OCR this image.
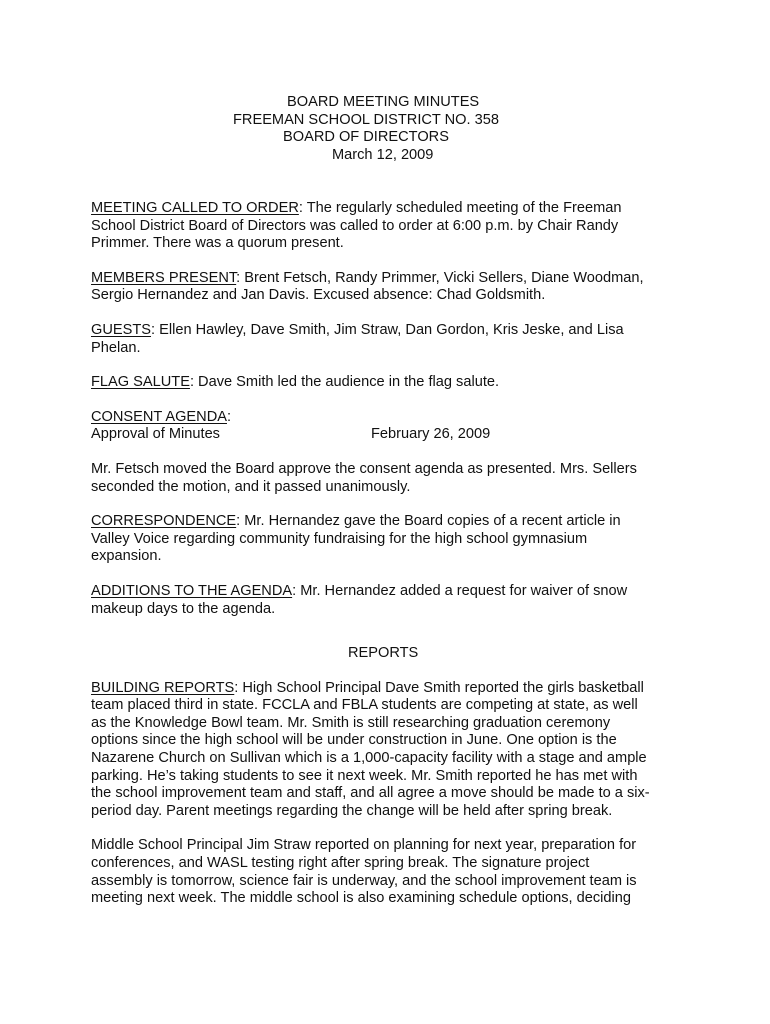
BOARD MEETING MINUTES
FREEMAN SCHOOL DISTRICT NO. 358
BOARD OF DIRECTORS
March 12, 2009

MEETING CALLED TO ORDER: The regularly scheduled meeting of the Freeman
School District Board of Directors was called to order at 6:00 p.m. by Chair Randy
Primmer. There was a quorum present.

MEMBERS PRESENT: Brent Fetsch, Randy Primmer, Vicki Sellers, Diane Woodman,
Sergio Hernandez and Jan Davis. Excused absence: Chad Goldsmith.

GUESTS: Ellen Hawley, Dave Smith, Jim Straw, Dan Gordon, Kris Jeske, and Lisa
Phelan.

FLAG SALUTE: Dave Smith led the audience in the flag salute.

CONSENT AGENDA:
Approval of Minutes	February 26, 2009

Mr. Fetsch moved the Board approve the consent agenda as presented. Mrs. Sellers
seconded the motion, and it passed unanimously.

CORRESPONDENCE: Mr. Hernandez gave the Board copies of a recent article in
Valley Voice regarding community fundraising for the high school gymnasium
expansion.

ADDITIONS TO THE AGENDA: Mr. Hernandez added a request for waiver of snow
makeup days to the agenda.

REPORTS

BUILDING REPORTS: High School Principal Dave Smith reported the girls basketball
team placed third in state. FCCLA and FBLA students are competing at state, as well
as the Knowledge Bowl team. Mr. Smith is still researching graduation ceremony
options since the high school will be under construction in June. One option is the
Nazarene Church on Sullivan which is a 1,000-capacity facility with a stage and ample
parking. He’s taking students to see it next week. Mr. Smith reported he has met with
the school improvement team and staff, and all agree a move should be made to a six-
period day. Parent meetings regarding the change will be held after spring break.

Middle School Principal Jim Straw reported on planning for next year, preparation for
conferences, and WASL testing right after spring break. The signature project
assembly is tomorrow, science fair is underway, and the school improvement team is
meeting next week. The middle school is also examining schedule options, deciding
